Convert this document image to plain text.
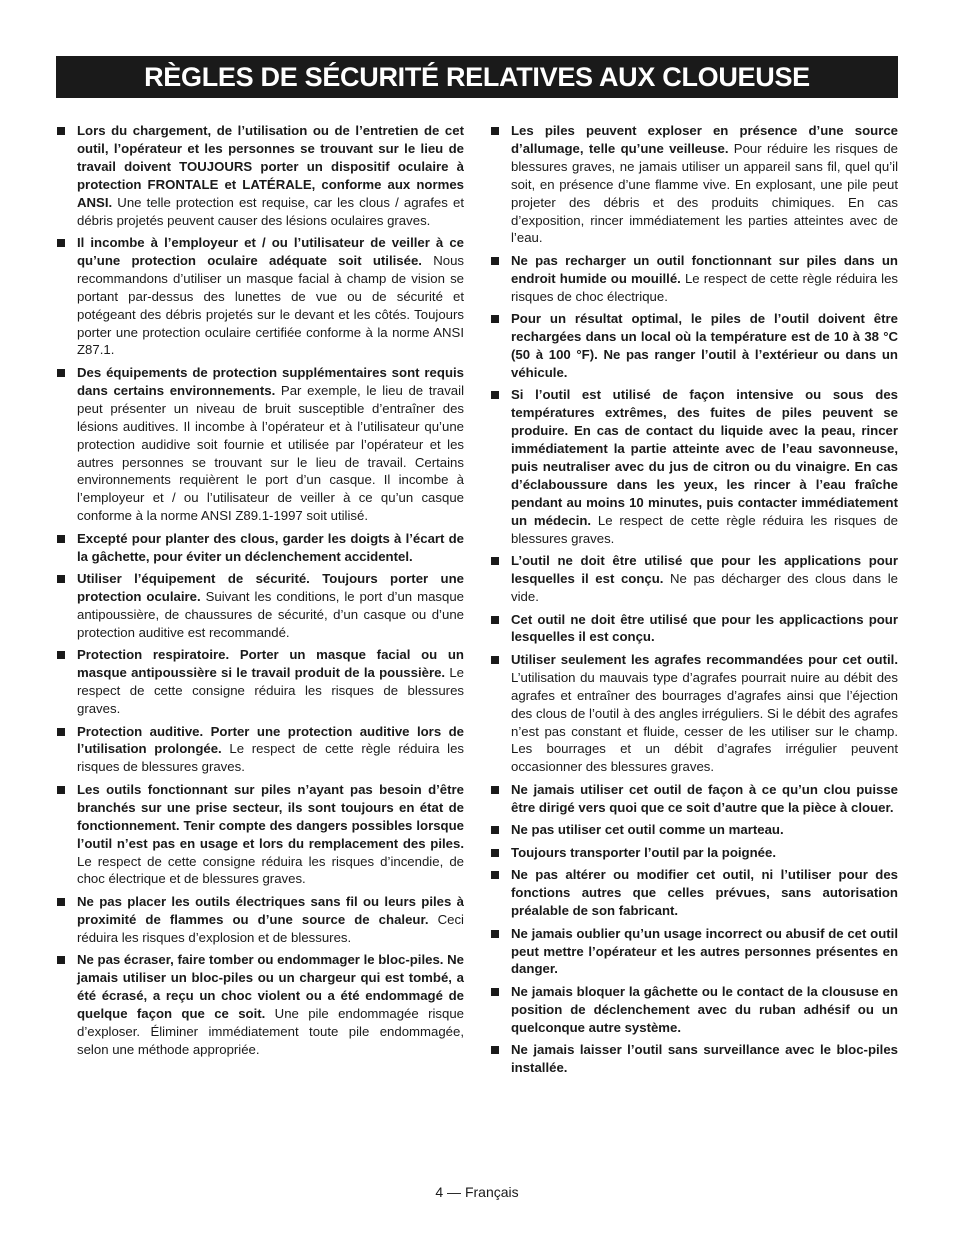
RÈGLES DE SÉCURITÉ RELATIVES AUX CLOUEUSE
Lors du chargement, de l’utilisation ou de l’entretien de cet outil, l’opérateur et les personnes se trouvant sur le lieu de travail doivent TOUJOURS porter un dispositif oculaire à protection FRONTALE et LATÉRALE, conforme aux normes ANSI. Une telle protection est requise, car les clous / agrafes et débris projetés peuvent causer des lésions oculaires graves.
Il incombe à l’employeur et / ou l’utilisateur de veiller à ce qu’une protection oculaire adéquate soit utilisée. Nous recommandons d’utiliser un masque facial à champ de vision se portant par-dessus des lunettes de vue ou de sécurité et potégeant des débris projetés sur le devant et les côtés. Toujours porter une protection oculaire certifiée conforme à la norme ANSI Z87.1.
Des équipements de protection supplémentaires sont requis dans certains environnements. Par exemple, le lieu de travail peut présenter un niveau de bruit susceptible d’entraîner des lésions auditives. Il incombe à l’opérateur et à l’utilisateur qu’une protection audidive soit fournie et utilisée par l’opérateur et les autres personnes se trouvant sur le lieu de travail. Certains environnements requièrent le port d’un casque. Il incombe à l’employeur et / ou l’utilisateur de veiller à ce qu’un casque conforme à la norme ANSI Z89.1-1997 soit utilisé.
Excepté pour planter des clous, garder les doigts à l’écart de la gâchette, pour éviter un déclenchement accidentel.
Utiliser l’équipement de sécurité. Toujours porter une protection oculaire. Suivant les conditions, le port d’un masque antipoussière, de chaussures de sécurité, d’un casque ou d’une protection auditive est recommandé.
Protection respiratoire. Porter un masque facial ou un masque antipoussière si le travail produit de la poussière. Le respect de cette consigne réduira les risques de blessures graves.
Protection auditive. Porter une protection auditive lors de l’utilisation prolongée. Le respect de cette règle réduira les risques de blessures graves.
Les outils fonctionnant sur piles n’ayant pas besoin d’être branchés sur une prise secteur, ils sont toujours en état de fonctionnement. Tenir compte des dangers possibles lorsque l’outil n’est pas en usage et lors du remplacement des piles. Le respect de cette consigne réduira les risques d’incendie, de choc électrique et de blessures graves.
Ne pas placer les outils électriques sans fil ou leurs piles à proximité de flammes ou d’une source de chaleur. Ceci réduira les risques d’explosion et de blessures.
Ne pas écraser, faire tomber ou endommager le bloc-piles. Ne jamais utiliser un bloc-piles ou un chargeur qui est tombé, a été écrasé, a reçu un choc violent ou a été endommagé de quelque façon que ce soit. Une pile endommagée risque d’exploser. Éliminer immédiatement toute pile endommagée, selon une méthode appropriée.
Les piles peuvent exploser en présence d’une source d’allumage, telle qu’une veilleuse. Pour réduire les risques de blessures graves, ne jamais utiliser un appareil sans fil, quel qu’il soit, en présence d’une flamme vive. En explosant, une pile peut projeter des débris et des produits chimiques. En cas d’exposition, rincer immédiatement les parties atteintes avec de l’eau.
Ne pas recharger un outil fonctionnant sur piles dans un endroit humide ou mouillé. Le respect de cette règle réduira les risques de choc électrique.
Pour un résultat optimal, le piles de l’outil doivent être rechargées dans un local où la température est de 10 à 38 °C (50 à 100 °F). Ne pas ranger l’outil à l’extérieur ou dans un véhicule.
Si l’outil est utilisé de façon intensive ou sous des températures extrêmes, des fuites de piles peuvent se produire. En cas de contact du liquide avec la peau, rincer immédiatement la partie atteinte avec de l’eau savonneuse, puis neutraliser avec du jus de citron ou du vinaigre. En cas d’éclaboussure dans les yeux, les rincer à l’eau fraîche pendant au moins 10 minutes, puis contacter immédiatement un médecin. Le respect de cette règle réduira les risques de blessures graves.
L’outil ne doit être utilisé que pour les applications pour lesquelles il est conçu. Ne pas décharger des clous dans le vide.
Cet outil ne doit être utilisé que pour les applicactions pour lesquelles il est conçu.
Utiliser seulement les agrafes recommandées pour cet outil. L’utilisation du mauvais type d’agrafes pourrait nuire au débit des agrafes et entraîner des bourrages d’agrafes ainsi que l’éjection des clous de l’outil à des angles irréguliers. Si le débit des agrafes n’est pas constant et fluide, cesser de les utiliser sur le champ. Les bourrages et un débit d’agrafes irrégulier peuvent occasionner des blessures graves.
Ne jamais utiliser cet outil de façon à ce qu’un clou puisse être dirigé vers quoi que ce soit d’autre que la pièce à clouer.
Ne pas utiliser cet outil comme un marteau.
Toujours transporter l’outil par la poignée.
Ne pas altérer ou modifier cet outil, ni l’utiliser pour des fonctions autres que celles prévues, sans autorisation préalable de son fabricant.
Ne jamais oublier qu’un usage incorrect ou abusif de cet outil peut mettre l’opérateur et les autres personnes présentes en danger.
Ne jamais bloquer la gâchette ou le contact de la cloususe en position de déclenchement avec du ruban adhésif ou un quelconque autre système.
Ne jamais laisser l’outil sans surveillance avec le bloc-piles installée.
4 — Français
